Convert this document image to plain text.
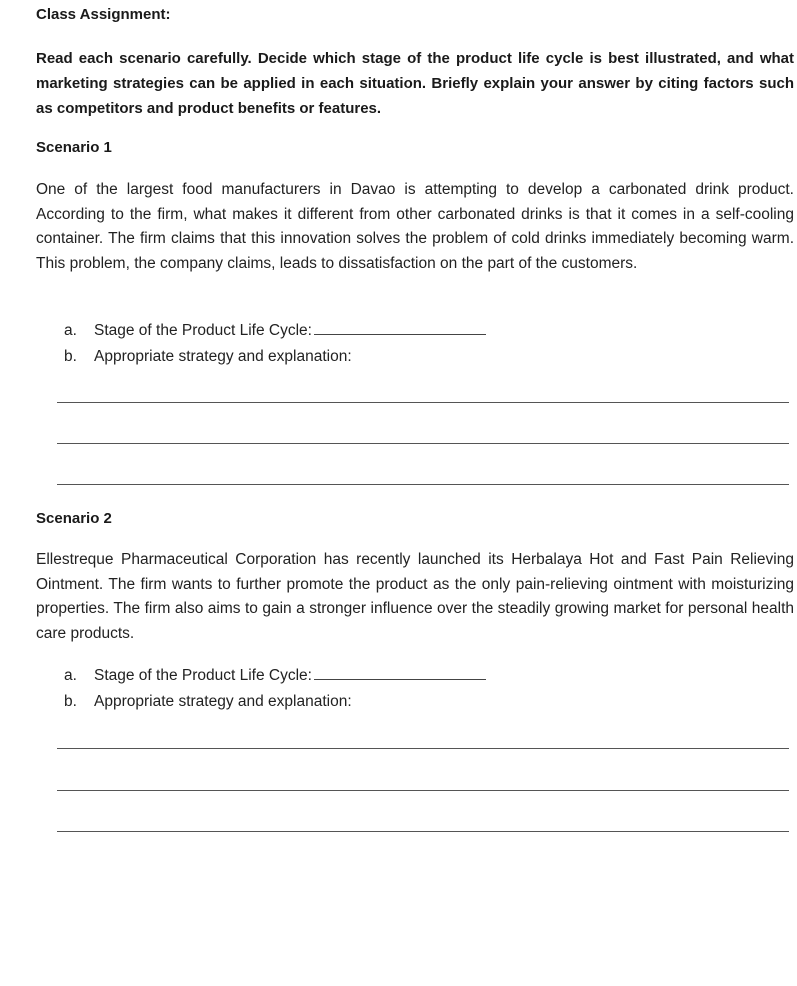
Class Assignment:

Read each scenario carefully. Decide which stage of the product life cycle is best illustrated, and what marketing strategies can be applied in each situation. Briefly explain your answer by citing factors such as competitors and product benefits or features.

Scenario 1

One of the largest food manufacturers in Davao is attempting to develop a carbonated drink product. According to the firm, what makes it different from other carbonated drinks is that it comes in a self-cooling container. The firm claims that this innovation solves the problem of cold drinks immediately becoming warm. This problem, the company claims, leads to dissatisfaction on the part of the customers.

a.	Stage of the Product Life Cycle:
b.	Appropriate strategy and explanation:
Scenario 2

Ellestreque Pharmaceutical Corporation has recently launched its Herbalaya Hot and Fast Pain Relieving Ointment. The firm wants to further promote the product as the only pain-relieving ointment with moisturizing properties. The firm also aims to gain a stronger influence over the steadily growing market for personal health care products.

a.	Stage of the Product Life Cycle:
b.	Appropriate strategy and explanation:
